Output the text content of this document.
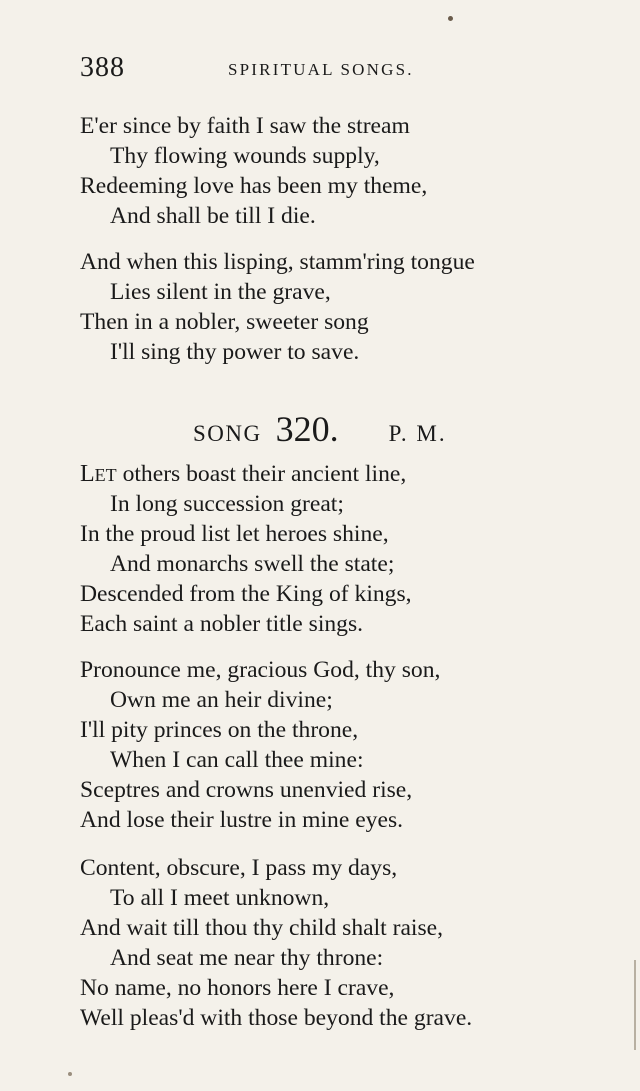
388	SPIRITUAL SONGS.
E'er since by faith I saw the stream
Thy flowing wounds supply,
Redeeming love has been my theme,
And shall be till I die.
And when this lisping, stamm'ring tongue
Lies silent in the grave,
Then in a nobler, sweeter song
I'll sing thy power to save.
SONG 320. P. M.
LET others boast their ancient line,
In long succession great;
In the proud list let heroes shine,
And monarchs swell the state;
Descended from the King of kings,
Each saint a nobler title sings.
Pronounce me, gracious God, thy son,
Own me an heir divine;
I'll pity princes on the throne,
When I can call thee mine:
Sceptres and crowns unenvied rise,
And lose their lustre in mine eyes.
Content, obscure, I pass my days,
To all I meet unknown,
And wait till thou thy child shalt raise,
And seat me near thy throne:
No name, no honors here I crave,
Well pleas'd with those beyond the grave.
